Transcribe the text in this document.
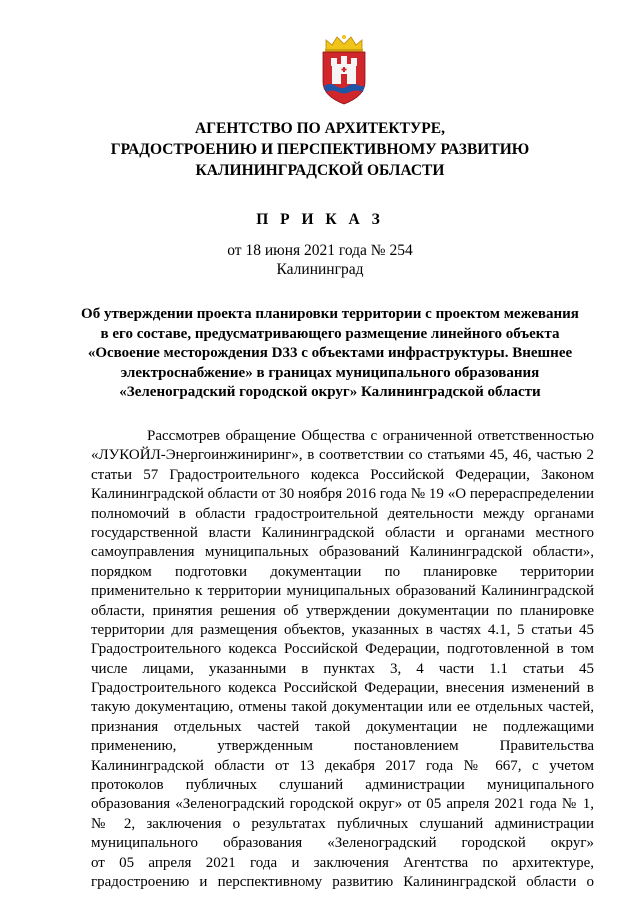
АГЕНТСТВО ПО АРХИТЕКТУРЕ,
ГРАДОСТРОЕНИЮ И ПЕРСПЕКТИВНОМУ РАЗВИТИЮ
КАЛИНИНГРАДСКОЙ ОБЛАСТИ
П Р И К А З
от 18 июня 2021 года № 254
Калининград
Об утверждении проекта планировки территории с проектом межевания
в его составе, предусматривающего размещение линейного объекта
«Освоение месторождения D33 с объектами инфраструктуры. Внешнее
электроснабжение» в границах муниципального образования
«Зеленоградский городской округ» Калининградской области
Рассмотрев обращение Общества с ограниченной ответственностью
«ЛУКОЙЛ-Энергоинжиниринг», в соответствии со статьями 45, 46, частью 2
статьи 57 Градостроительного кодекса Российской Федерации, Законом
Калининградской области от 30 ноября 2016 года № 19 «О перераспределении
полномочий в области градостроительной деятельности между органами
государственной власти Калининградской области и органами местного
самоуправления муниципальных образований Калининградской области»,
порядком подготовки документации по планировке территории
применительно к территории муниципальных образований Калининградской
области, принятия решения об утверждении документации по планировке
территории для размещения объектов, указанных в частях 4.1, 5 статьи 45
Градостроительного кодекса Российской Федерации, подготовленной в том
числе лицами, указанными в пунктах 3, 4 части 1.1 статьи 45
Градостроительного кодекса Российской Федерации, внесения изменений в
такую документацию, отмены такой документации или ее отдельных частей,
признания отдельных частей такой документации не подлежащими
применению, утвержденным постановлением Правительства
Калининградской области от 13 декабря 2017 года № 667, с учетом
протоколов публичных слушаний администрации муниципального
образования «Зеленоградский городской округ» от 05 апреля 2021 года № 1,
№ 2, заключения о результатах публичных слушаний администрации
муниципального образования «Зеленоградский городской округ»
от 05 апреля 2021 года и заключения Агентства по архитектуре,
градостроению и перспективному развитию Калининградской области о
